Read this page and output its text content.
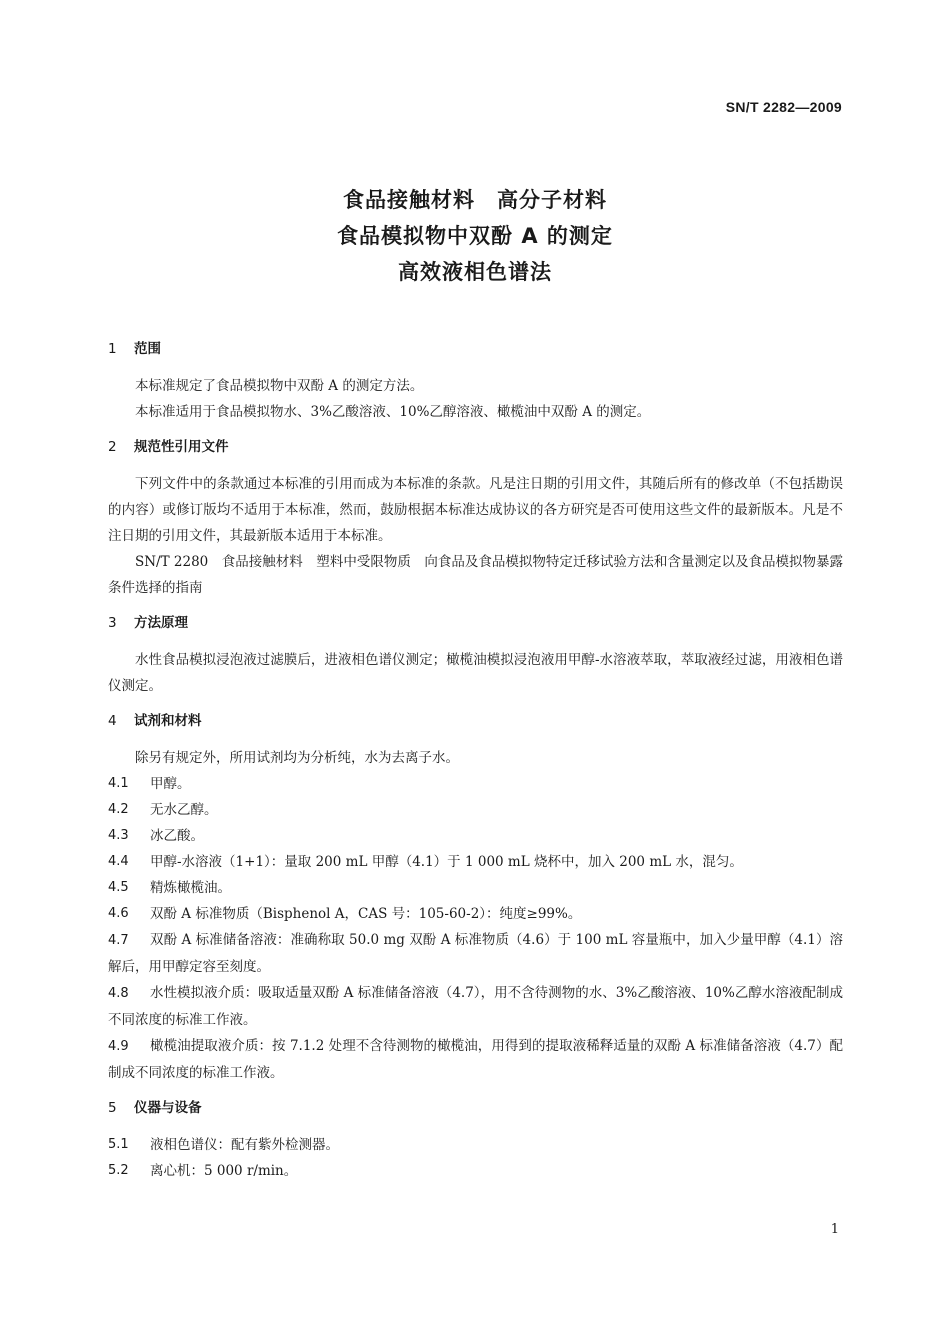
SN/T 2282—2009
食品接触材料　高分子材料
食品模拟物中双酚 A 的测定
高效液相色谱法
1 范围

本标准规定了食品模拟物中双酚 A 的测定方法。

本标准适用于食品模拟物水、3%乙酸溶液、10%乙醇溶液、橄榄油中双酚 A 的测定。

2 规范性引用文件

下列文件中的条款通过本标准的引用而成为本标准的条款。凡是注日期的引用文件，其随后所有的修改单（不包括勘误的内容）或修订版均不适用于本标准，然而，鼓励根据本标准达成协议的各方研究是否可使用这些文件的最新版本。凡是不注日期的引用文件，其最新版本适用于本标准。

SN/T 2280　食品接触材料　塑料中受限物质　向食品及食品模拟物特定迁移试验方法和含量测定以及食品模拟物暴露条件选择的指南

3 方法原理

水性食品模拟浸泡液过滤膜后，进液相色谱仪测定；橄榄油模拟浸泡液用甲醇-水溶液萃取，萃取液经过滤，用液相色谱仪测定。

4 试剂和材料

除另有规定外，所用试剂均为分析纯，水为去离子水。

4.1	甲醇。
4.2	无水乙醇。
4.3	冰乙酸。
4.4	甲醇-水溶液（1+1）：量取 200 mL 甲醇（4.1）于 1 000 mL 烧杯中，加入 200 mL 水，混匀。
4.5	精炼橄榄油。
4.6	双酚 A 标准物质（Bisphenol A，CAS 号：105-60-2）：纯度≥99%。
4.7 双酚 A 标准储备溶液：准确称取 50.0 mg 双酚 A 标准物质（4.6）于 100 mL 容量瓶中，加入少量甲醇（4.1）溶解后，用甲醇定容至刻度。
4.8 水性模拟液介质：吸取适量双酚 A 标准储备溶液（4.7），用不含待测物的水、3%乙酸溶液、10%乙醇水溶液配制成不同浓度的标准工作液。
4.9 橄榄油提取液介质：按 7.1.2 处理不含待测物的橄榄油，用得到的提取液稀释适量的双酚 A 标准储备溶液（4.7）配制成不同浓度的标准工作液。
5 仪器与设备
5.1	液相色谱仪：配有紫外检测器。
5.2	离心机：5 000 r/min。
1
